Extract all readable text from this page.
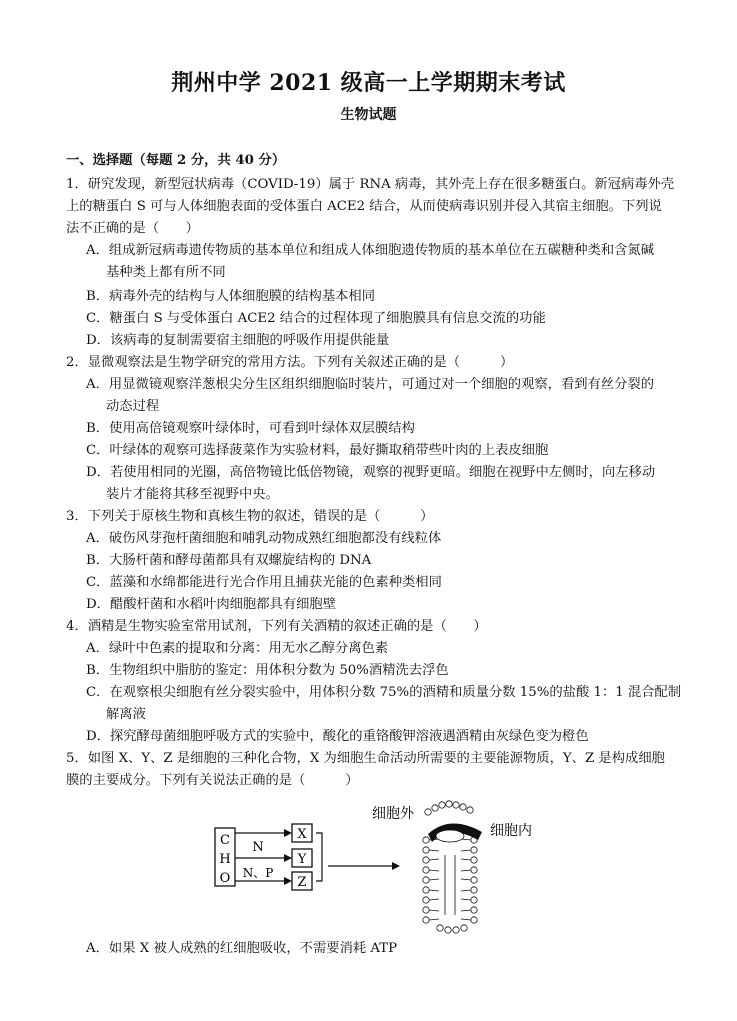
荆州中学 2021 级高一上学期期末考试
生物试题
一、选择题（每题 2 分，共 40 分）
1．研究发现，新型冠状病毒（COVID-19）属于 RNA 病毒，其外壳上存在很多糖蛋白。新冠病毒外壳
上的糖蛋白 S 可与人体细胞表面的受体蛋白 ACE2 结合，从而使病毒识别并侵入其宿主细胞。下列说
法不正确的是（　　）
A．组成新冠病毒遗传物质的基本单位和组成人体细胞遗传物质的基本单位在五碳糖种类和含氮碱
基种类上都有所不同
B．病毒外壳的结构与人体细胞膜的结构基本相同
C．糖蛋白 S 与受体蛋白 ACE2 结合的过程体现了细胞膜具有信息交流的功能
D．该病毒的复制需要宿主细胞的呼吸作用提供能量
2．显微观察法是生物学研究的常用方法。下列有关叙述正确的是（　　　）
A．用显微镜观察洋葱根尖分生区组织细胞临时装片，可通过对一个细胞的观察，看到有丝分裂的
动态过程
B．使用高倍镜观察叶绿体时，可看到叶绿体双层膜结构
C．叶绿体的观察可选择菠菜作为实验材料，最好撕取稍带些叶肉的上表皮细胞
D．若使用相同的光圈，高倍物镜比低倍物镜，观察的视野更暗。细胞在视野中左侧时，向左移动
装片才能将其移至视野中央。
3．下列关于原核生物和真核生物的叙述，错误的是（　　　）
A．破伤风芽孢杆菌细胞和哺乳动物成熟红细胞都没有线粒体
B．大肠杆菌和酵母菌都具有双螺旋结构的 DNA
C．蓝藻和水绵都能进行光合作用且捕获光能的色素种类相同
D．醋酸杆菌和水稻叶肉细胞都具有细胞壁
4．酒精是生物实验室常用试剂，下列有关酒精的叙述正确的是（　　）
A．绿叶中色素的提取和分离：用无水乙醇分离色素
B．生物组织中脂肪的鉴定：用体积分数为 50%酒精洗去浮色
C．在观察根尖细胞有丝分裂实验中，用体积分数 75%的酒精和质量分数 15%的盐酸 1：1 混合配制
解离液
D．探究酵母菌细胞呼吸方式的实验中，酸化的重铬酸钾溶液遇酒精由灰绿色变为橙色
5．如图 X、Y、Z 是细胞的三种化合物，X 为细胞生命活动所需要的主要能源物质，Y、Z 是构成细胞
膜的主要成分。下列有关说法正确的是（　　　）
C
H
O
N
N、P
X
Y
Z
细胞外
细胞内
A．如果 X 被人成熟的红细胞吸收，不需要消耗 ATP
